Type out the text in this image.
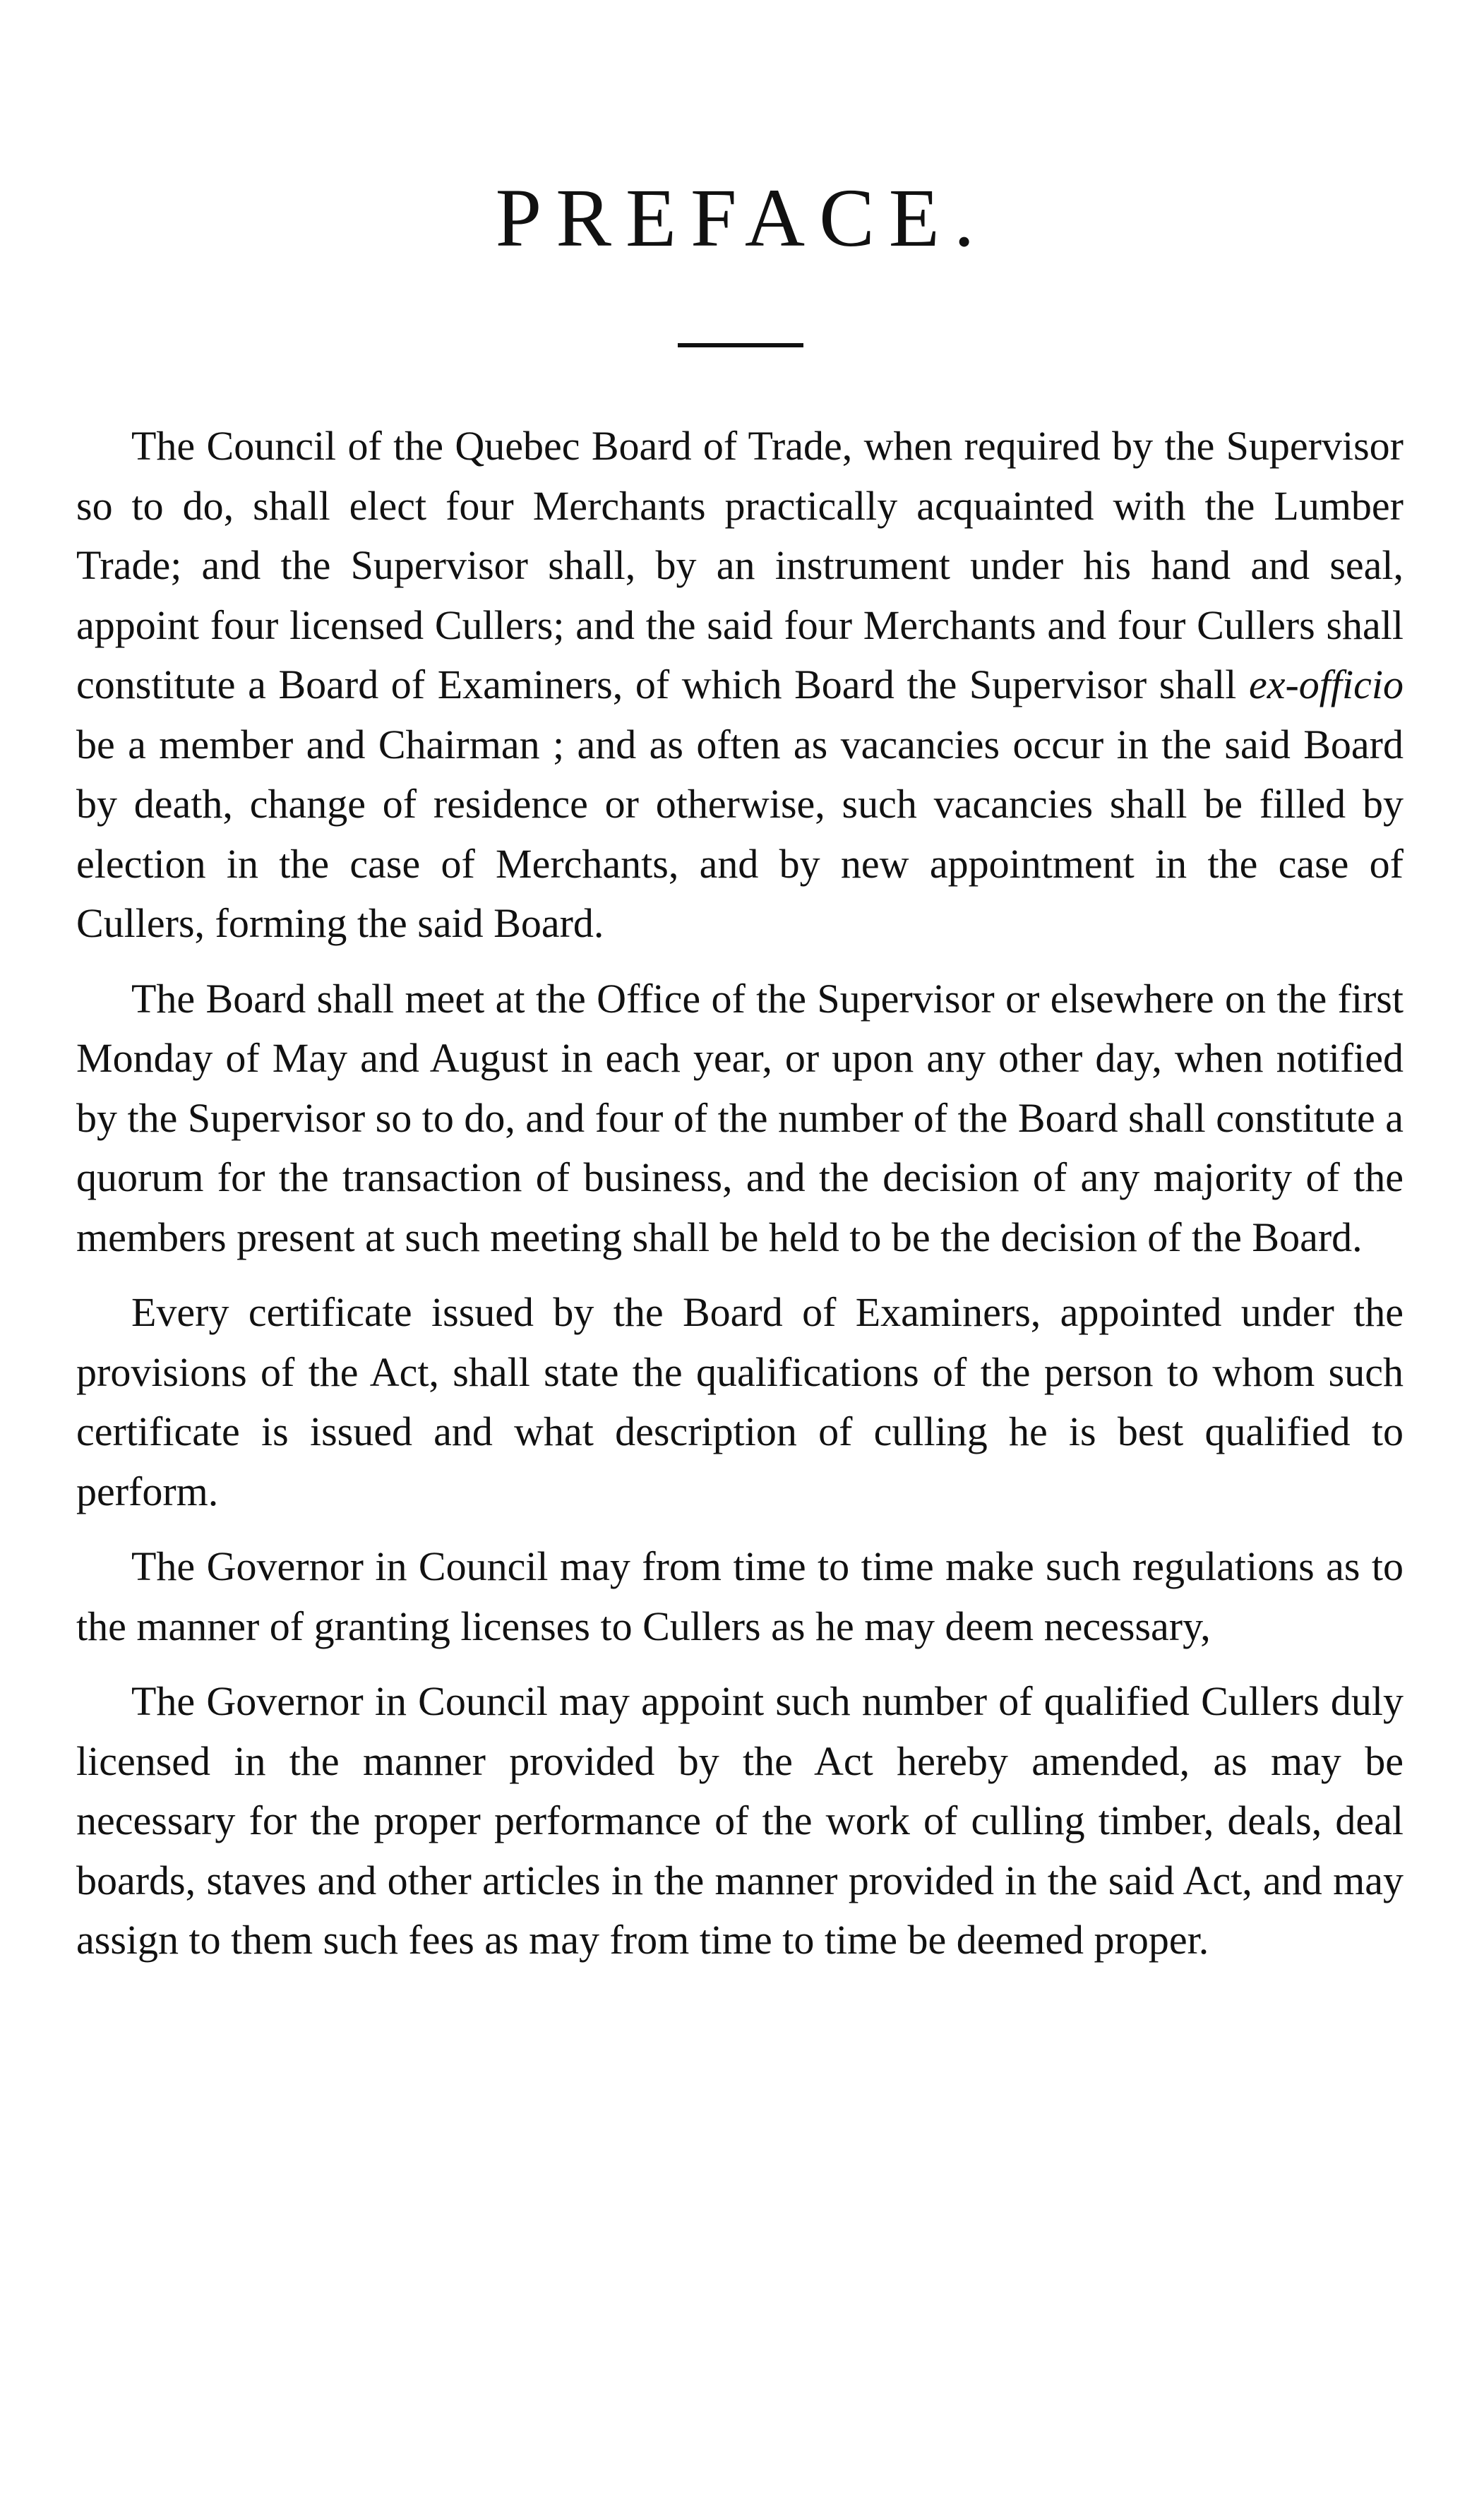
PREFACE.

The Council of the Quebec Board of Trade, when required by the Supervisor so to do, shall elect four Merchants practically acquainted with the Lumber Trade; and the Supervisor shall, by an instrument under his hand and seal, appoint four licensed Cullers; and the said four Merchants and four Cullers shall constitute a Board of Examiners, of which Board the Supervisor shall ex-officio be a member and Chairman ; and as often as vacancies occur in the said Board by death, change of residence or otherwise, such vacancies shall be filled by election in the case of Merchants, and by new appointment in the case of Cullers, forming the said Board.

The Board shall meet at the Office of the Supervisor or elsewhere on the first Monday of May and August in each year, or upon any other day, when notified by the Supervisor so to do, and four of the number of the Board shall constitute a quorum for the transaction of business, and the decision of any majority of the members present at such meeting shall be held to be the decision of the Board.

Every certificate issued by the Board of Examiners, appointed under the provisions of the Act, shall state the qualifications of the person to whom such certificate is issued and what description of culling he is best qualified to perform.

The Governor in Council may from time to time make such regulations as to the manner of granting licenses to Cullers as he may deem necessary,

The Governor in Council may appoint such number of qualified Cullers duly licensed in the manner provided by the Act hereby amended, as may be necessary for the proper performance of the work of culling timber, deals, deal boards, staves and other articles in the manner provided in the said Act, and may assign to them such fees as may from time to time be deemed proper.
